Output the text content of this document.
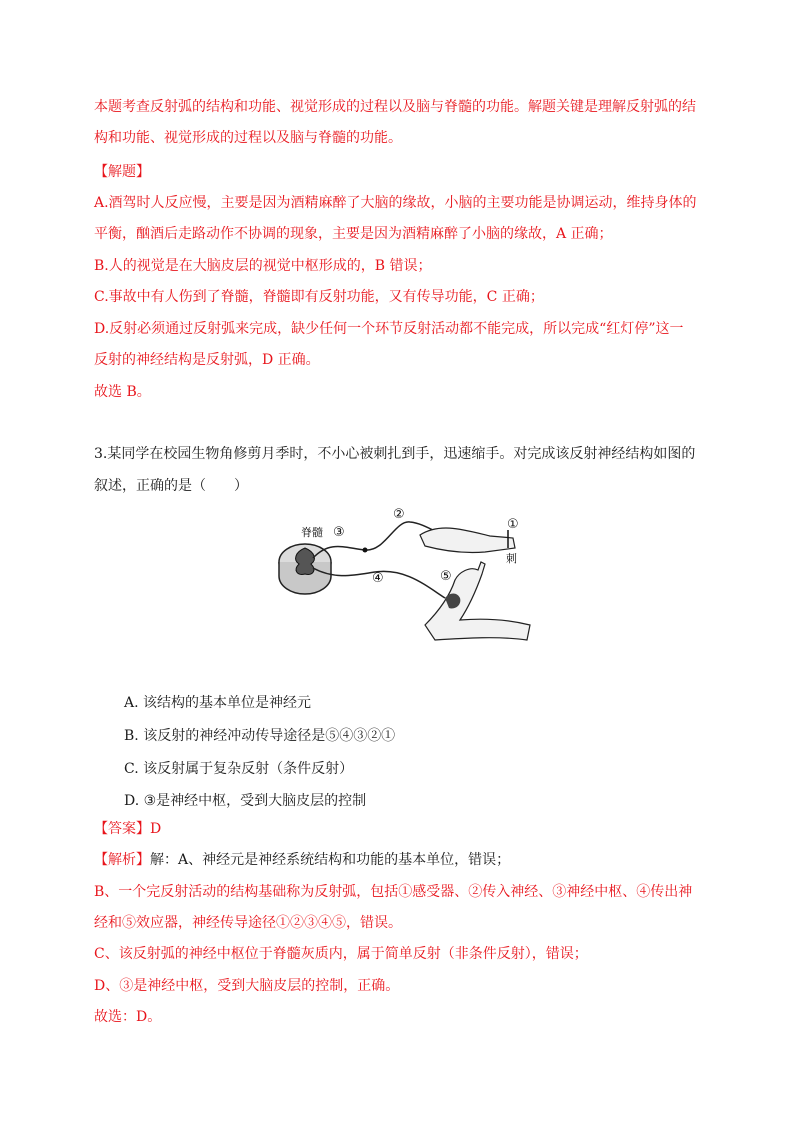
本题考查反射弧的结构和功能、视觉形成的过程以及脑与脊髓的功能。解题关键是理解反射弧的结
构和功能、视觉形成的过程以及脑与脊髓的功能。
【解题】
A.酒驾时人反应慢，主要是因为酒精麻醉了大脑的缘故，小脑的主要功能是协调运动，维持身体的
平衡，酗酒后走路动作不协调的现象，主要是因为酒精麻醉了小脑的缘故，A 正确；
B.人的视觉是在大脑皮层的视觉中枢形成的，B 错误；
C.事故中有人伤到了脊髓，脊髓即有反射功能，又有传导功能，C 正确；
D.反射必须通过反射弧来完成，缺少任何一个环节反射活动都不能完成，所以完成“红灯停”这一
反射的神经结构是反射弧，D 正确。
故选 B。
3.某同学在校园生物角修剪月季时，不小心被刺扎到手，迅速缩手。对完成该反射神经结构如图的
叙述，正确的是（　　）
脊髓 ③
②
①
刺
④	⑤
A. 该结构的基本单位是神经元
B. 该反射的神经冲动传导途径是⑤④③②①
C. 该反射属于复杂反射（条件反射）
D. ③是神经中枢，受到大脑皮层的控制
【答案】D
【解析】解：A、神经元是神经系统结构和功能的基本单位，错误；
B、一个完反射活动的结构基础称为反射弧，包括①感受器、②传入神经、③神经中枢、④传出神
经和⑤效应器，神经传导途径①②③④⑤，错误。
C、该反射弧的神经中枢位于脊髓灰质内，属于简单反射（非条件反射），错误；
D、③是神经中枢，受到大脑皮层的控制，正确。
故选：D。
